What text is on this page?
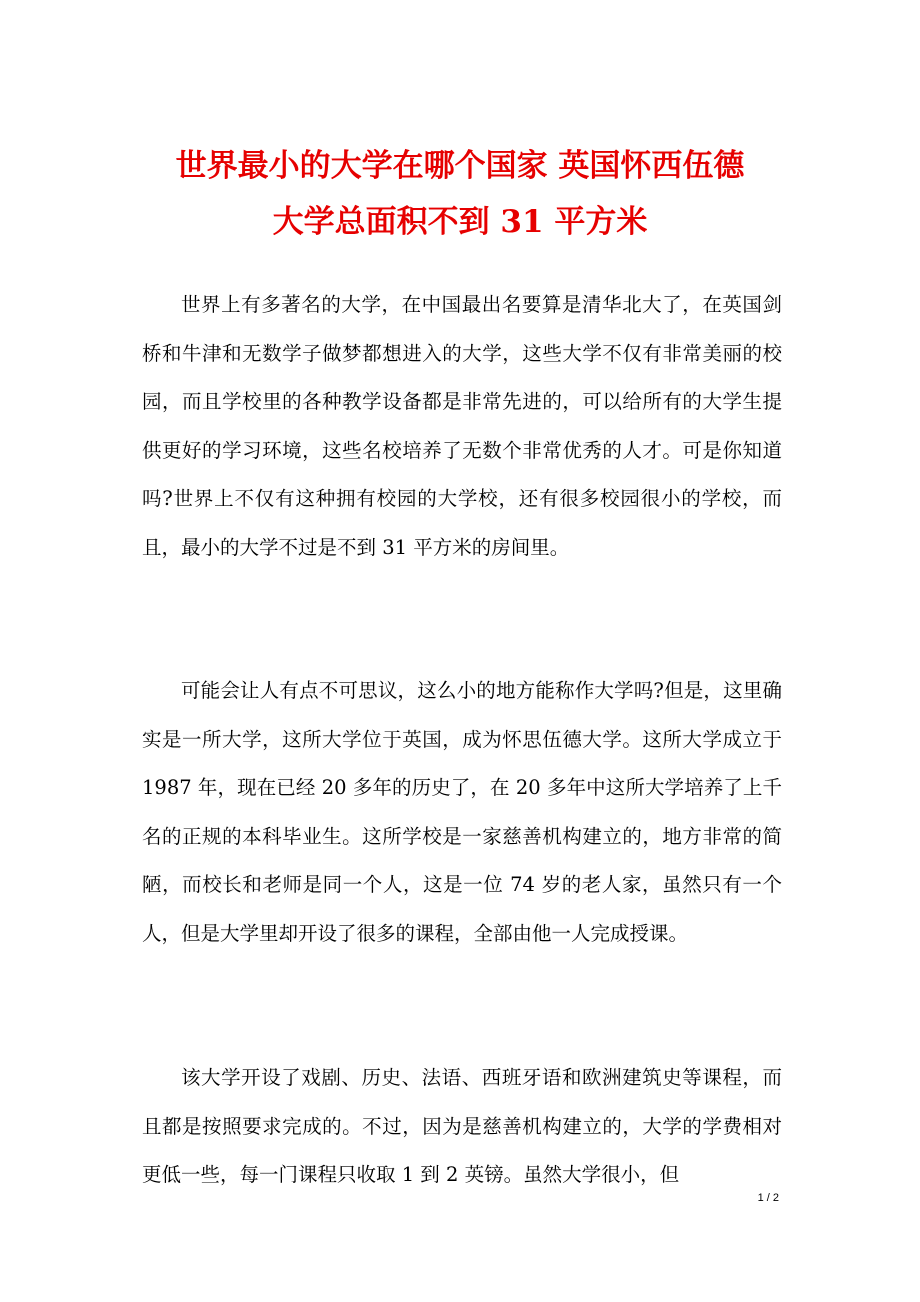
世界最小的大学在哪个国家 英国怀西伍德
大学总面积不到 31 平方米

世界上有多著名的大学，在中国最出名要算是清华北大了，在英国剑桥和牛津和无数学子做梦都想进入的大学，这些大学不仅有非常美丽的校园，而且学校里的各种教学设备都是非常先进的，可以给所有的大学生提供更好的学习环境，这些名校培养了无数个非常优秀的人才。可是你知道吗?世界上不仅有这种拥有校园的大学校，还有很多校园很小的学校，而且，最小的大学不过是不到 31 平方米的房间里。

可能会让人有点不可思议，这么小的地方能称作大学吗?但是，这里确实是一所大学，这所大学位于英国，成为怀思伍德大学。这所大学成立于 1987 年，现在已经 20 多年的历史了，在 20 多年中这所大学培养了上千名的正规的本科毕业生。这所学校是一家慈善机构建立的，地方非常的简陋，而校长和老师是同一个人，这是一位 74 岁的老人家，虽然只有一个人，但是大学里却开设了很多的课程，全部由他一人完成授课。

该大学开设了戏剧、历史、法语、西班牙语和欧洲建筑史等课程，而且都是按照要求完成的。不过，因为是慈善机构建立的，大学的学费相对更低一些，每一门课程只收取 1 到 2 英镑。虽然大学很小，但

1 / 2
